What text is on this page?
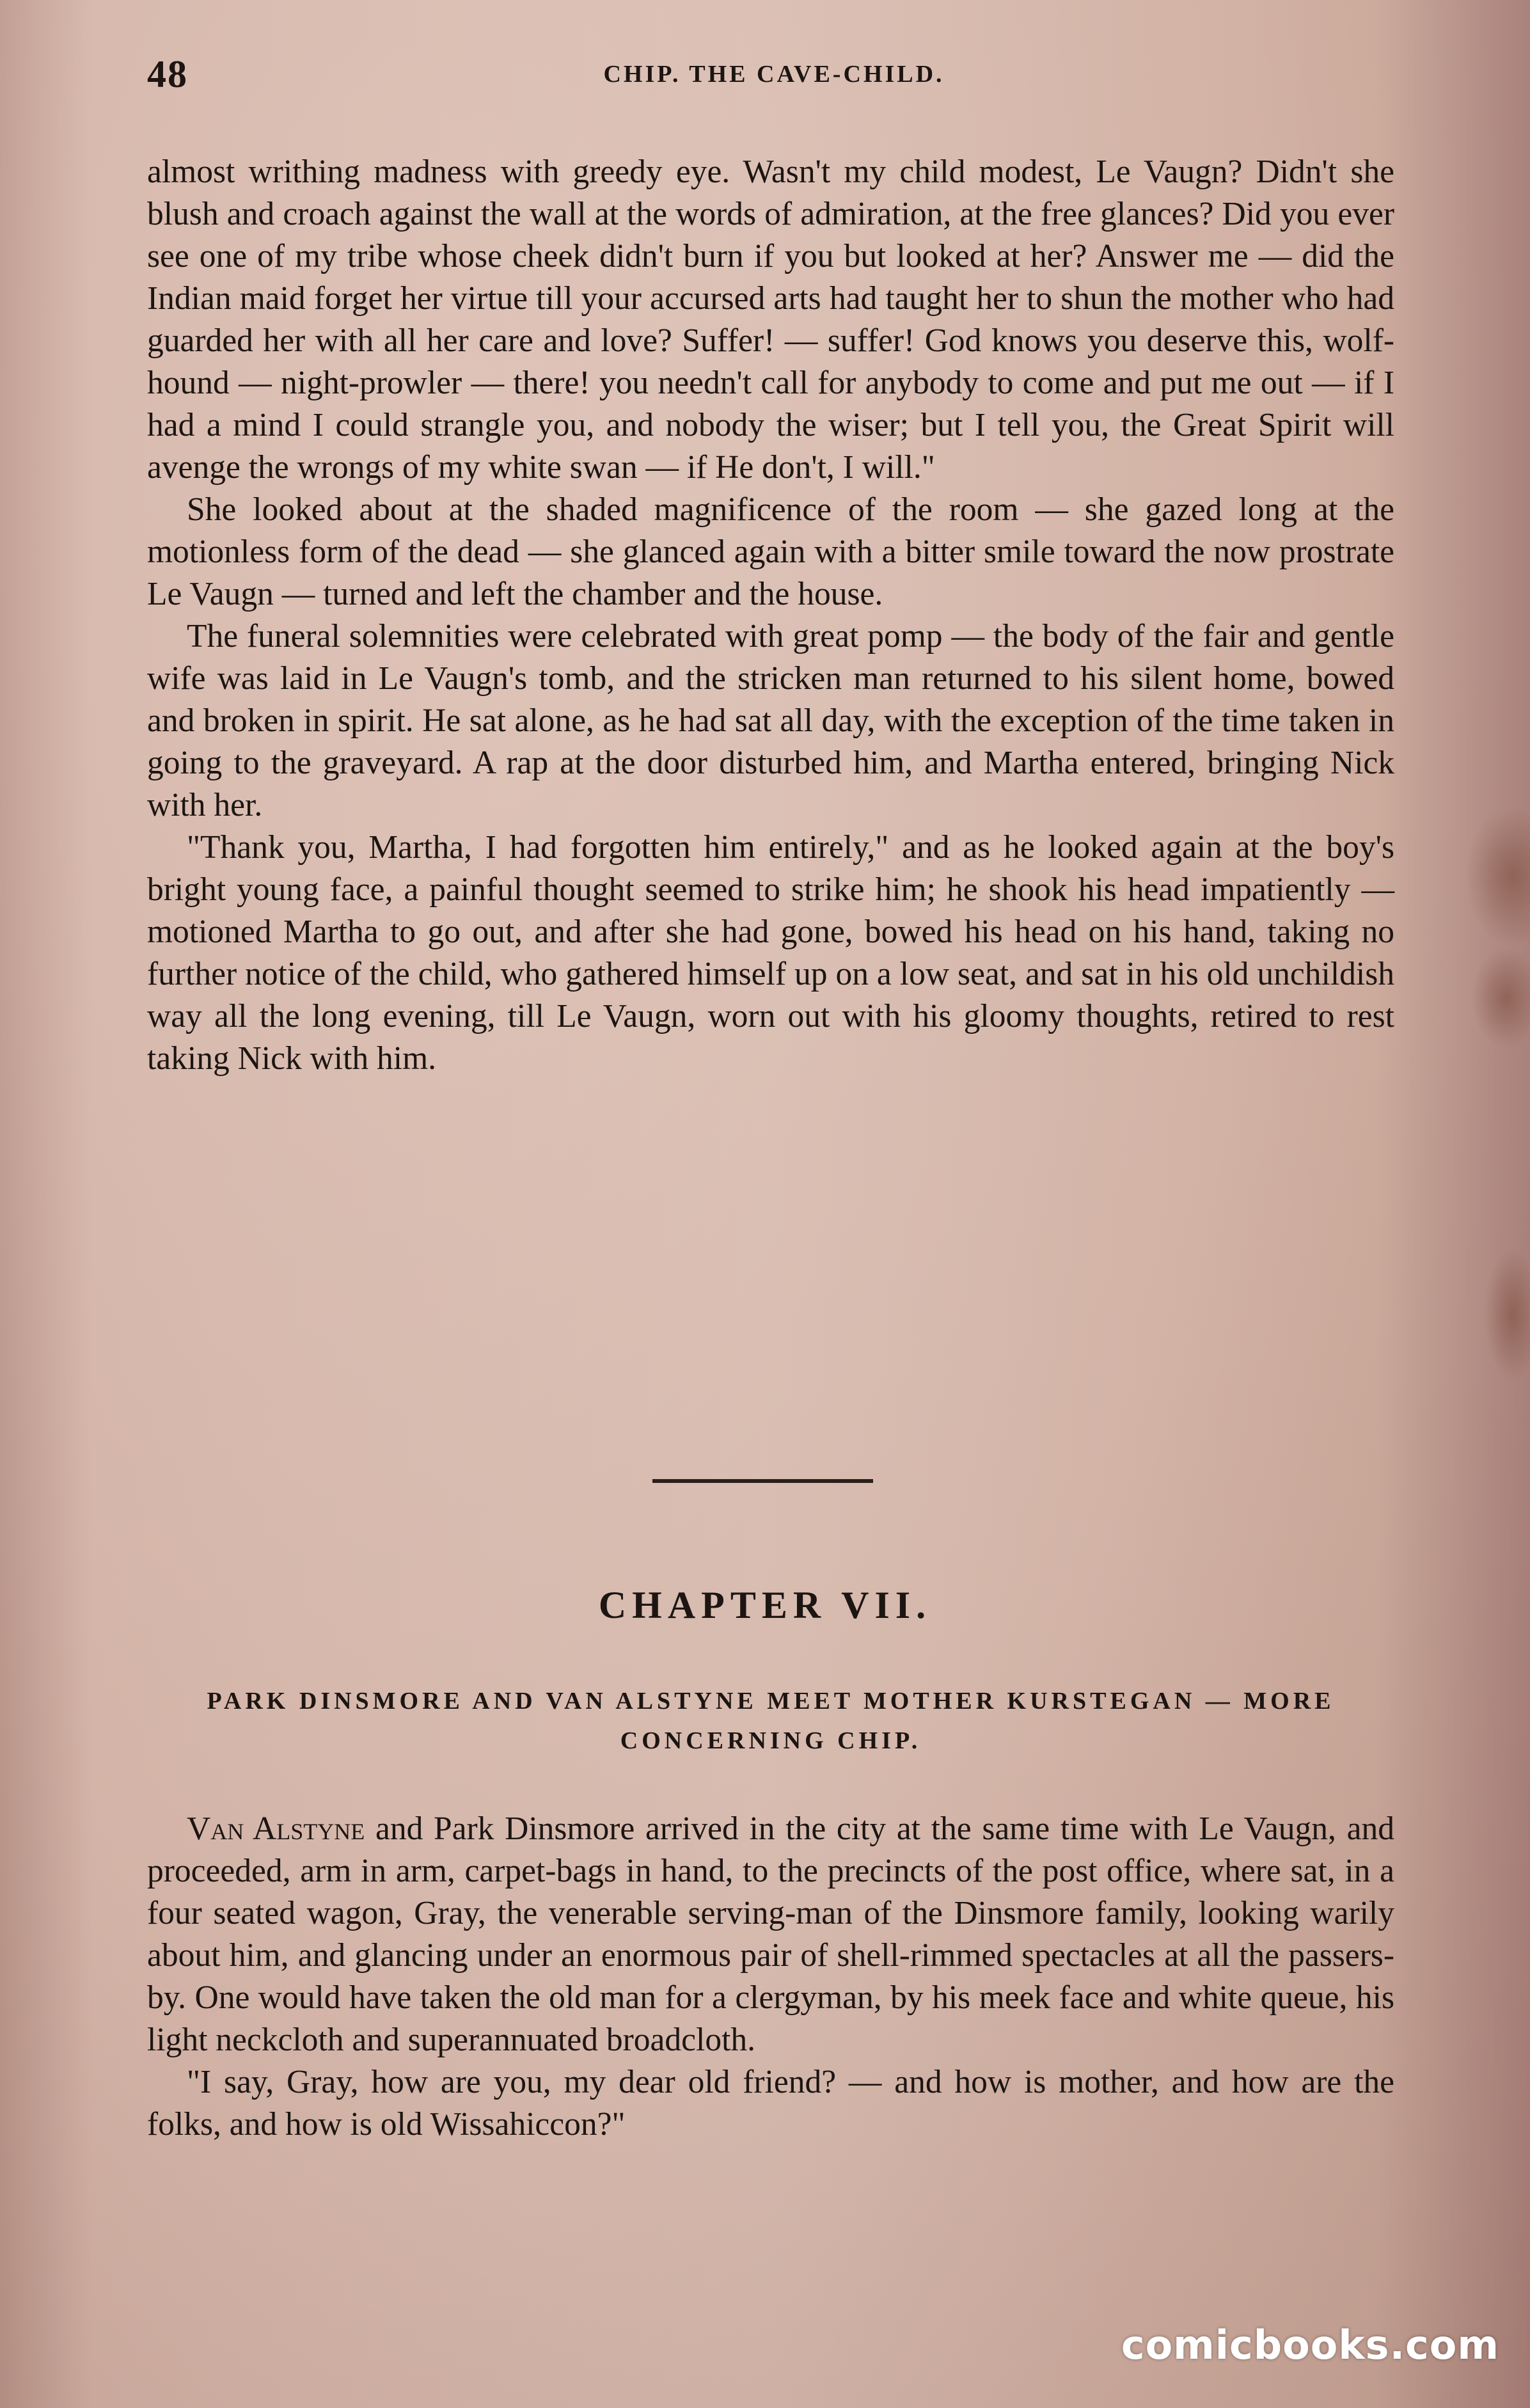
48	CHIP. THE CAVE-CHILD.

almost writhing madness with greedy eye. Wasn't my child modest, Le Vaugn? Didn't she blush and croach against the wall at the words of admiration, at the free glances? Did you ever see one of my tribe whose cheek didn't burn if you but looked at her? Answer me — did the Indian maid forget her virtue till your accursed arts had taught her to shun the mother who had guarded her with all her care and love? Suffer! — suffer! God knows you deserve this, wolf-hound — night-prowler — there! you needn't call for anybody to come and put me out — if I had a mind I could strangle you, and nobody the wiser; but I tell you, the Great Spirit will avenge the wrongs of my white swan — if He don't, I will."

She looked about at the shaded magnificence of the room — she gazed long at the motionless form of the dead — she glanced again with a bitter smile toward the now prostrate Le Vaugn — turned and left the chamber and the house.

The funeral solemnities were celebrated with great pomp — the body of the fair and gentle wife was laid in Le Vaugn's tomb, and the stricken man returned to his silent home, bowed and broken in spirit. He sat alone, as he had sat all day, with the exception of the time taken in going to the graveyard. A rap at the door disturbed him, and Martha entered, bringing Nick with her.

"Thank you, Martha, I had forgotten him entirely," and as he looked again at the boy's bright young face, a painful thought seemed to strike him; he shook his head impatiently — motioned Martha to go out, and after she had gone, bowed his head on his hand, taking no further notice of the child, who gathered himself up on a low seat, and sat in his old unchildish way all the long evening, till Le Vaugn, worn out with his gloomy thoughts, retired to rest taking Nick with him.

CHAPTER VII.
PARK DINSMORE AND VAN ALSTYNE MEET MOTHER KURSTEGAN — MORE CONCERNING CHIP.

Van Alstyne and Park Dinsmore arrived in the city at the same time with Le Vaugn, and proceeded, arm in arm, carpet-bags in hand, to the precincts of the post office, where sat, in a four seated wagon, Gray, the venerable serving-man of the Dinsmore family, looking warily about him, and glancing under an enormous pair of shell-rimmed spectacles at all the passers-by. One would have taken the old man for a clergyman, by his meek face and white queue, his light neckcloth and superannuated broadcloth.

"I say, Gray, how are you, my dear old friend? — and how is mother, and how are the folks, and how is old Wissahiccon?"

comicbooks.com
